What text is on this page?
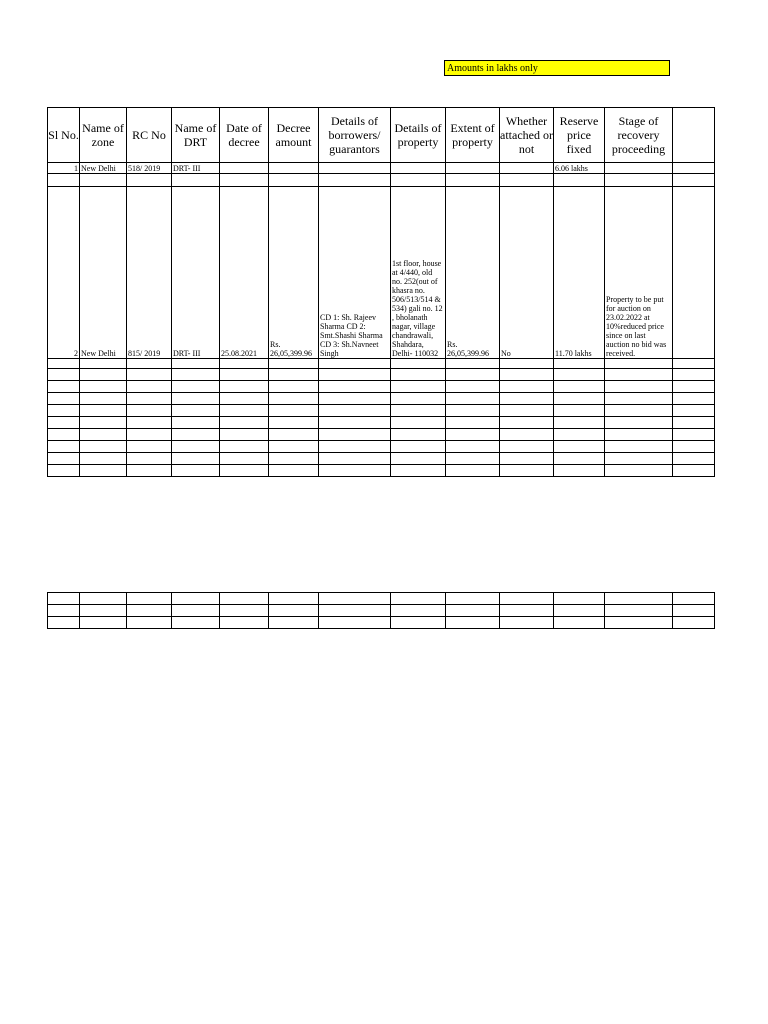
Amounts in lakhs only
Sl No.	Name of zone	RC No	Name of DRT	Date of decree	Decree amount	Details of borrowers/ guarantors	Details of property	Extent of property	Whether attached or not	Reserve price fixed	Stage of recovery proceeding	
1	New Delhi	518/ 2019	DRT- III							6.06 lakhs		

2	New Delhi	815/ 2019	DRT- III	25.08.2021	Rs. 26,05,399.96	CD 1: Sh. Rajeev Sharma CD 2: Smt.Shashi Sharma CD 3: Sh.Navneet Singh	1st floor, house at 4/440, old no. 252(out of khasra no. 506/513/514 & 534) gali no. 12 , bholanath nagar, village chandrawali, Shahdara, Delhi- 110032	Rs. 26,05,399.96	No	11.70 lakhs	Property to be put for auction on 23.02.2022 at 10%reduced price since on last auction no bid was received.	
